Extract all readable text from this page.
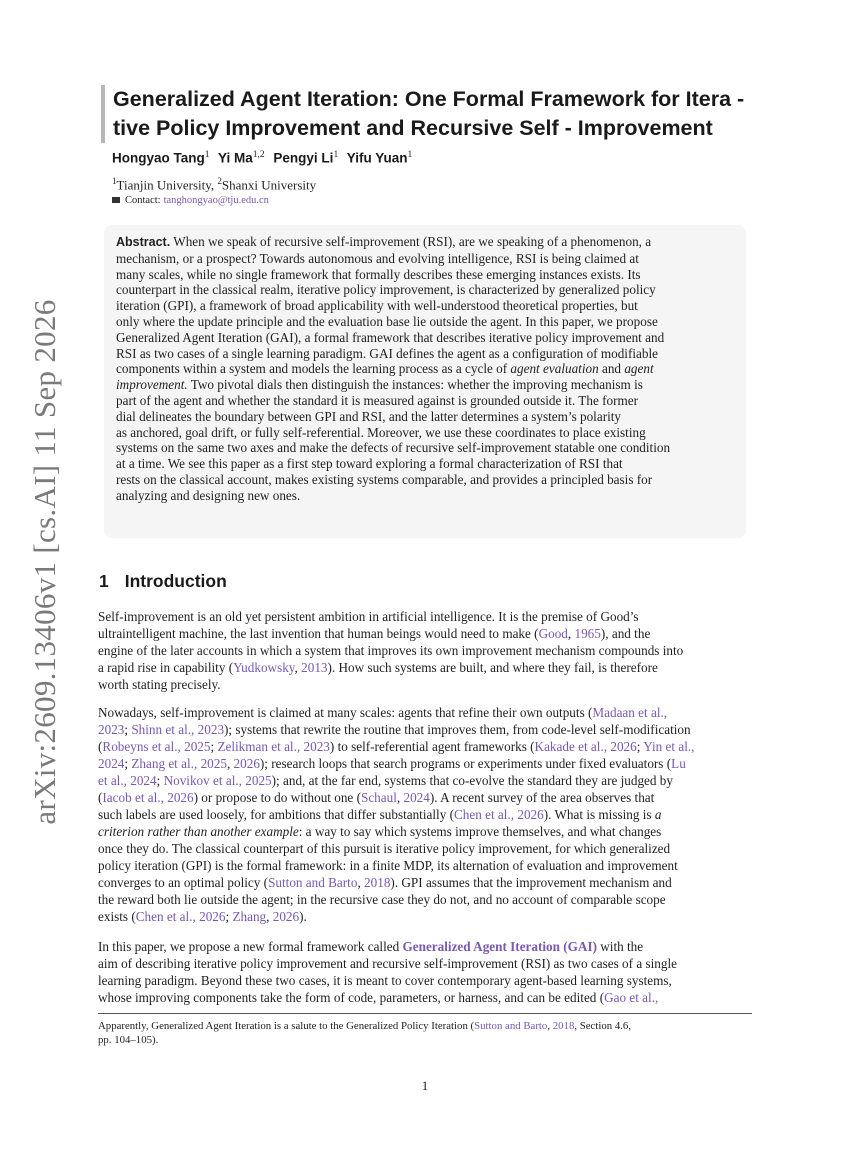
arXiv:2609.13406v1 [cs.AI] 11 Sep 2026
Generalized Agent Iteration: One Formal Framework for Itera -
tive Policy Improvement and Recursive Self - Improvement
Hongyao Tang$^1$ Yi Ma$^{1,2}$ Pengyi Li$^1$ Yifu Yuan$^1$
$^1$Tianjin University, $^2$Shanxi University
Contact: tanghongyao@tju.edu.cn
Abstract. When we speak of recursive self-improvement (RSI), are we speaking of a phenomenon, a
mechanism, or a prospect? Towards autonomous and evolving intelligence, RSI is being claimed at
many scales, while no single framework that formally describes these emerging instances exists. Its
counterpart in the classical realm, iterative policy improvement, is characterized by generalized policy
iteration (GPI), a framework of broad applicability with well-understood theoretical properties, but
only where the update principle and the evaluation base lie outside the agent. In this paper, we propose
Generalized Agent Iteration (GAI), a formal framework that describes iterative policy improvement and
RSI as two cases of a single learning paradigm. GAI defines the agent as a configuration of modifiable
components within a system and models the learning process as a cycle of agent evaluation and agent
improvement. Two pivotal dials then distinguish the instances: whether the improving mechanism is
part of the agent and whether the standard it is measured against is grounded outside it. The former
dial delineates the boundary between GPI and RSI, and the latter determines a system’s polarity
as anchored, goal drift, or fully self-referential. Moreover, we use these coordinates to place existing
systems on the same two axes and make the defects of recursive self-improvement statable one condition
at a time. We see this paper as a first step toward exploring a formal characterization of RSI that
rests on the classical account, makes existing systems comparable, and provides a principled basis for
analyzing and designing new ones.
1 Introduction
Self-improvement is an old yet persistent ambition in artificial intelligence. It is the premise of Good’s
ultraintelligent machine, the last invention that human beings would need to make (Good, 1965), and the
engine of the later accounts in which a system that improves its own improvement mechanism compounds into
a rapid rise in capability (Yudkowsky, 2013). How such systems are built, and where they fail, is therefore
worth stating precisely.
Nowadays, self-improvement is claimed at many scales: agents that refine their own outputs (Madaan et al.,
2023; Shinn et al., 2023); systems that rewrite the routine that improves them, from code-level self-modification
(Robeyns et al., 2025; Zelikman et al., 2023) to self-referential agent frameworks (Kakade et al., 2026; Yin et al.,
2024; Zhang et al., 2025, 2026); research loops that search programs or experiments under fixed evaluators (Lu
et al., 2024; Novikov et al., 2025); and, at the far end, systems that co-evolve the standard they are judged by
(Iacob et al., 2026) or propose to do without one (Schaul, 2024). A recent survey of the area observes that
such labels are used loosely, for ambitions that differ substantially (Chen et al., 2026). What is missing is a
criterion rather than another example: a way to say which systems improve themselves, and what changes
once they do. The classical counterpart of this pursuit is iterative policy improvement, for which generalized
policy iteration (GPI) is the formal framework: in a finite MDP, its alternation of evaluation and improvement
converges to an optimal policy (Sutton and Barto, 2018). GPI assumes that the improvement mechanism and
the reward both lie outside the agent; in the recursive case they do not, and no account of comparable scope
exists (Chen et al., 2026; Zhang, 2026).
In this paper, we propose a new formal framework called Generalized Agent Iteration (GAI) with the
aim of describing iterative policy improvement and recursive self-improvement (RSI) as two cases of a single
learning paradigm. Beyond these two cases, it is meant to cover contemporary agent-based learning systems,
whose improving components take the form of code, parameters, or harness, and can be edited (Gao et al.,
Apparently, Generalized Agent Iteration is a salute to the Generalized Policy Iteration (Sutton and Barto, 2018, Section 4.6,
pp. 104–105).
1
